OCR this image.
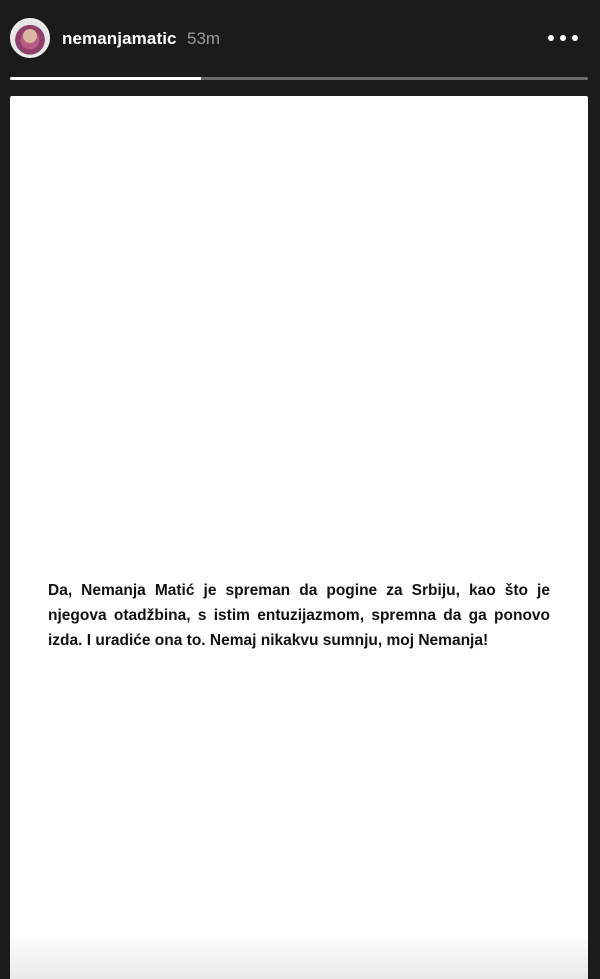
nemanjamatic 53m
Da, Nemanja Matić je spreman da pogine za Srbiju, kao što je njegova otadžbina, s istim entuzijazmom, spremna da ga ponovo izda. I uradiće ona to. Nemaj nikakvu sumnju, moj Nemanja!
